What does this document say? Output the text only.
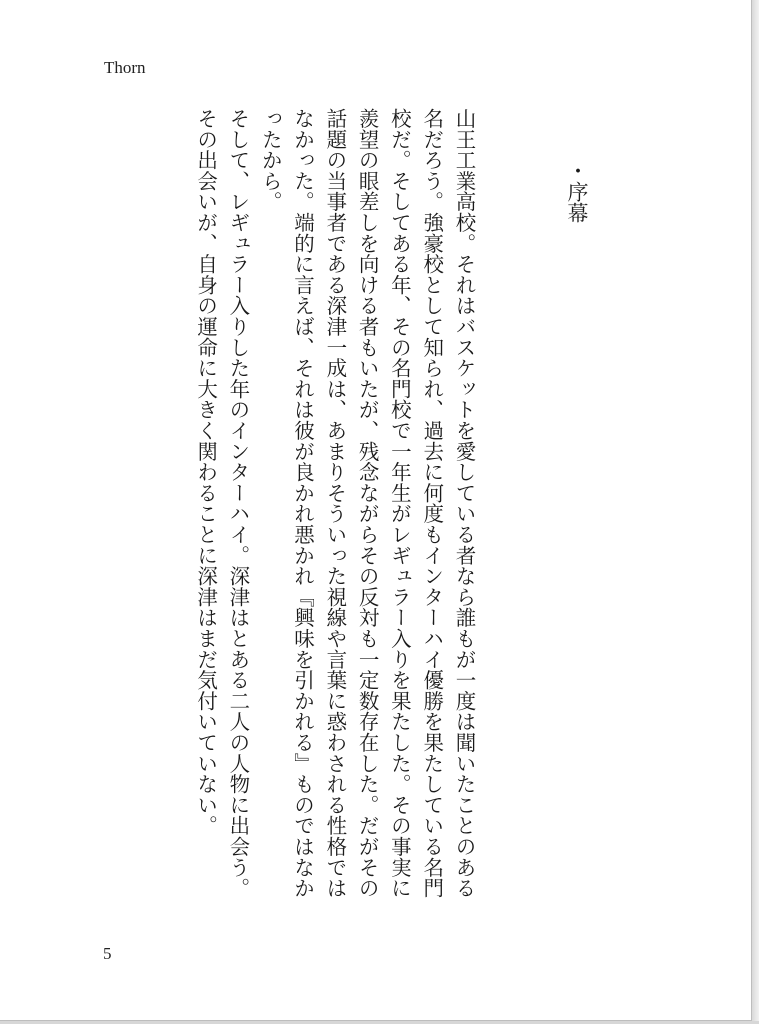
Thorn
・序幕

山王工業高校。それはバスケットを愛している者なら誰もが一度は聞いたことのある名だろう。強豪校として知られ、過去に何度もインターハイ優勝を果たしている名門校だ。そしてある年、その名門校で一年生がレギュラー入りを果たした。その事実に羨望の眼差しを向ける者もいたが、残念ながらその反対も一定数存在した。だがその話題の当事者である深津一成は、あまりそういった視線や言葉に惑わされる性格ではなかった。端的に言えば、それは彼が良かれ悪かれ『興味を引かれる』ものではなかったから。

そして、レギュラー入りした年のインターハイ。深津はとある二人の人物に出会う。その出会いが、自身の運命に大きく関わることに深津はまだ気付いていない。

5
